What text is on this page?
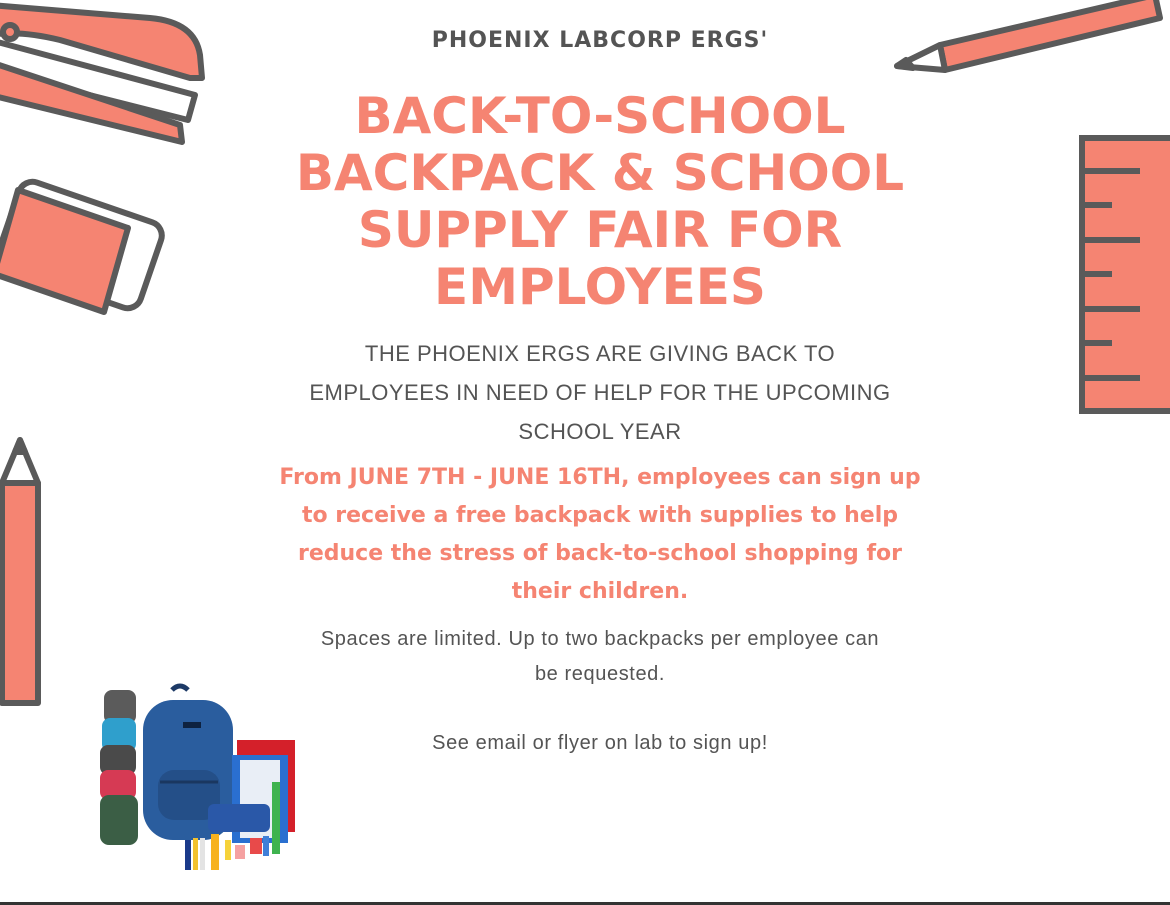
PHOENIX LABCORP ERGS'
BACK-TO-SCHOOL
BACKPACK & SCHOOL
SUPPLY FAIR FOR
EMPLOYEES
THE PHOENIX ERGS ARE GIVING BACK TO
EMPLOYEES IN NEED OF HELP FOR THE UPCOMING
SCHOOL YEAR
From JUNE 7TH - JUNE 16TH, employees can sign up
to receive a free backpack with supplies to help
reduce the stress of back-to-school shopping for
their children.
Spaces are limited. Up to two backpacks per employee can
be requested.
See email or flyer on lab to sign up!
